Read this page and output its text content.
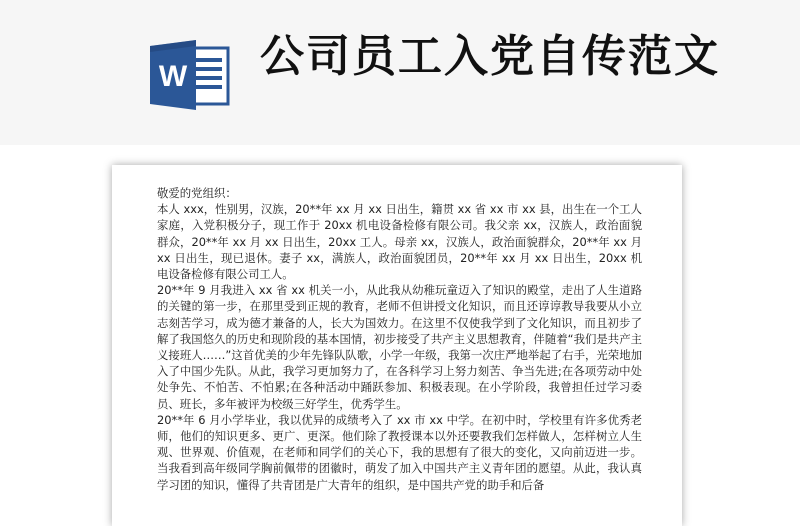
W 公司员工入党自传范文

敬爱的党组织：

本人 xxx，性别男，汉族，20**年 xx 月 xx 日出生，籍贯 xx 省 xx 市 xx 县，出生在一个工人家庭，入党积极分子，现工作于 20xx 机电设备检修有限公司。我父亲 xx，汉族人，政治面貌群众，20**年 xx 月 xx 日出生，20xx 工人。母亲 xx，汉族人，政治面貌群众，20**年 xx 月 xx 日出生，现已退休。妻子 xx，满族人，政治面貌团员，20**年 xx 月 xx 日出生，20xx 机电设备检修有限公司工人。

20**年 9 月我进入 xx 省 xx 机关一小，从此我从幼稚玩童迈入了知识的殿堂，走出了人生道路的关键的第一步，在那里受到正规的教育，老师不但讲授文化知识，而且还谆谆教导我要从小立志刻苦学习，成为德才兼备的人，长大为国效力。在这里不仅使我学到了文化知识，而且初步了解了我国悠久的历史和现阶段的基本国情，初步接受了共产主义思想教育，伴随着“我们是共产主义接班人……”这首优美的少年先锋队队歌，小学一年级，我第一次庄严地举起了右手，光荣地加入了中国少先队。从此，我学习更加努力了，在各科学习上努力刻苦、争当先进;在各项劳动中处处争先、不怕苦、不怕累;在各种活动中踊跃参加、积极表现。在小学阶段，我曾担任过学习委员、班长，多年被评为校级三好学生，优秀学生。

20**年 6 月小学毕业，我以优异的成绩考入了 xx 市 xx 中学。在初中时，学校里有许多优秀老师，他们的知识更多、更广、更深。他们除了教授课本以外还要教我们怎样做人，怎样树立人生观、世界观、价值观，在老师和同学们的关心下，我的思想有了很大的变化，又向前迈进一步。当我看到高年级同学胸前佩带的团徽时，萌发了加入中国共产主义青年团的愿望。从此，我认真学习团的知识，懂得了共青团是广大青年的组织，是中国共产党的助手和后备
